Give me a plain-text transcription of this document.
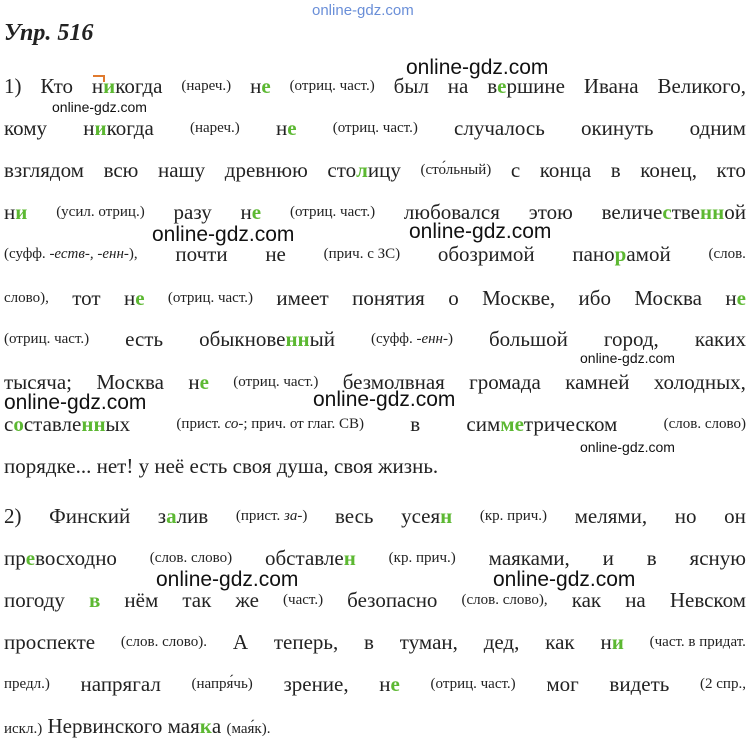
online-gdz.com
Упр. 516
online-gdz.com
online-gdz.com
online-gdz.com	online-gdz.com
online-gdz.com
online-gdz.com	online-gdz.com
online-gdz.com
online-gdz.com	online-gdz.com
1) Кто никогда (нареч.) не (отриц. част.) был на вершине Ивана Великого,
кому никогда (нареч.) не (отриц. част.) случалось окинуть одним
взглядом всю нашу древнюю столицу (сто́льный) с конца в конец, кто
ни (усил. отриц.) разу не (отриц. част.) любовался этою величественной
(суфф. -еств-, -енн-), почти не	(прич. с ЗС) обозримой панорамой	(слов.
слово), тот не (отриц. част.) имеет понятия о Москве, ибо Москва не
(отриц. част.) есть обыкновенный (суфф. -енн-) большой город, каких
тысяча; Москва не (отриц. част.) безмолвная громада камней холодных,
составленных	(прист. со-; прич. от глаг. СВ) в симметрическом	(слов. слово)
порядке... нет! у неё есть своя душа, своя жизнь.
2) Финский залив (прист. за-) весь усеян (кр. прич.) мелями, но он
превосходно (слов. слово) обставлен (кр. прич.) маяками, и в ясную
погоду в нём так же (част.) безопасно (слов. слово), как на Невском
проспекте (слов. слово). А теперь, в туман, дед, как ни (част. в придат.
предл.) напрягал (напря́чь) зрение, не (отриц. част.) мог видеть (2 спр.,
искл.) Нервинского маяка (мая́к).
